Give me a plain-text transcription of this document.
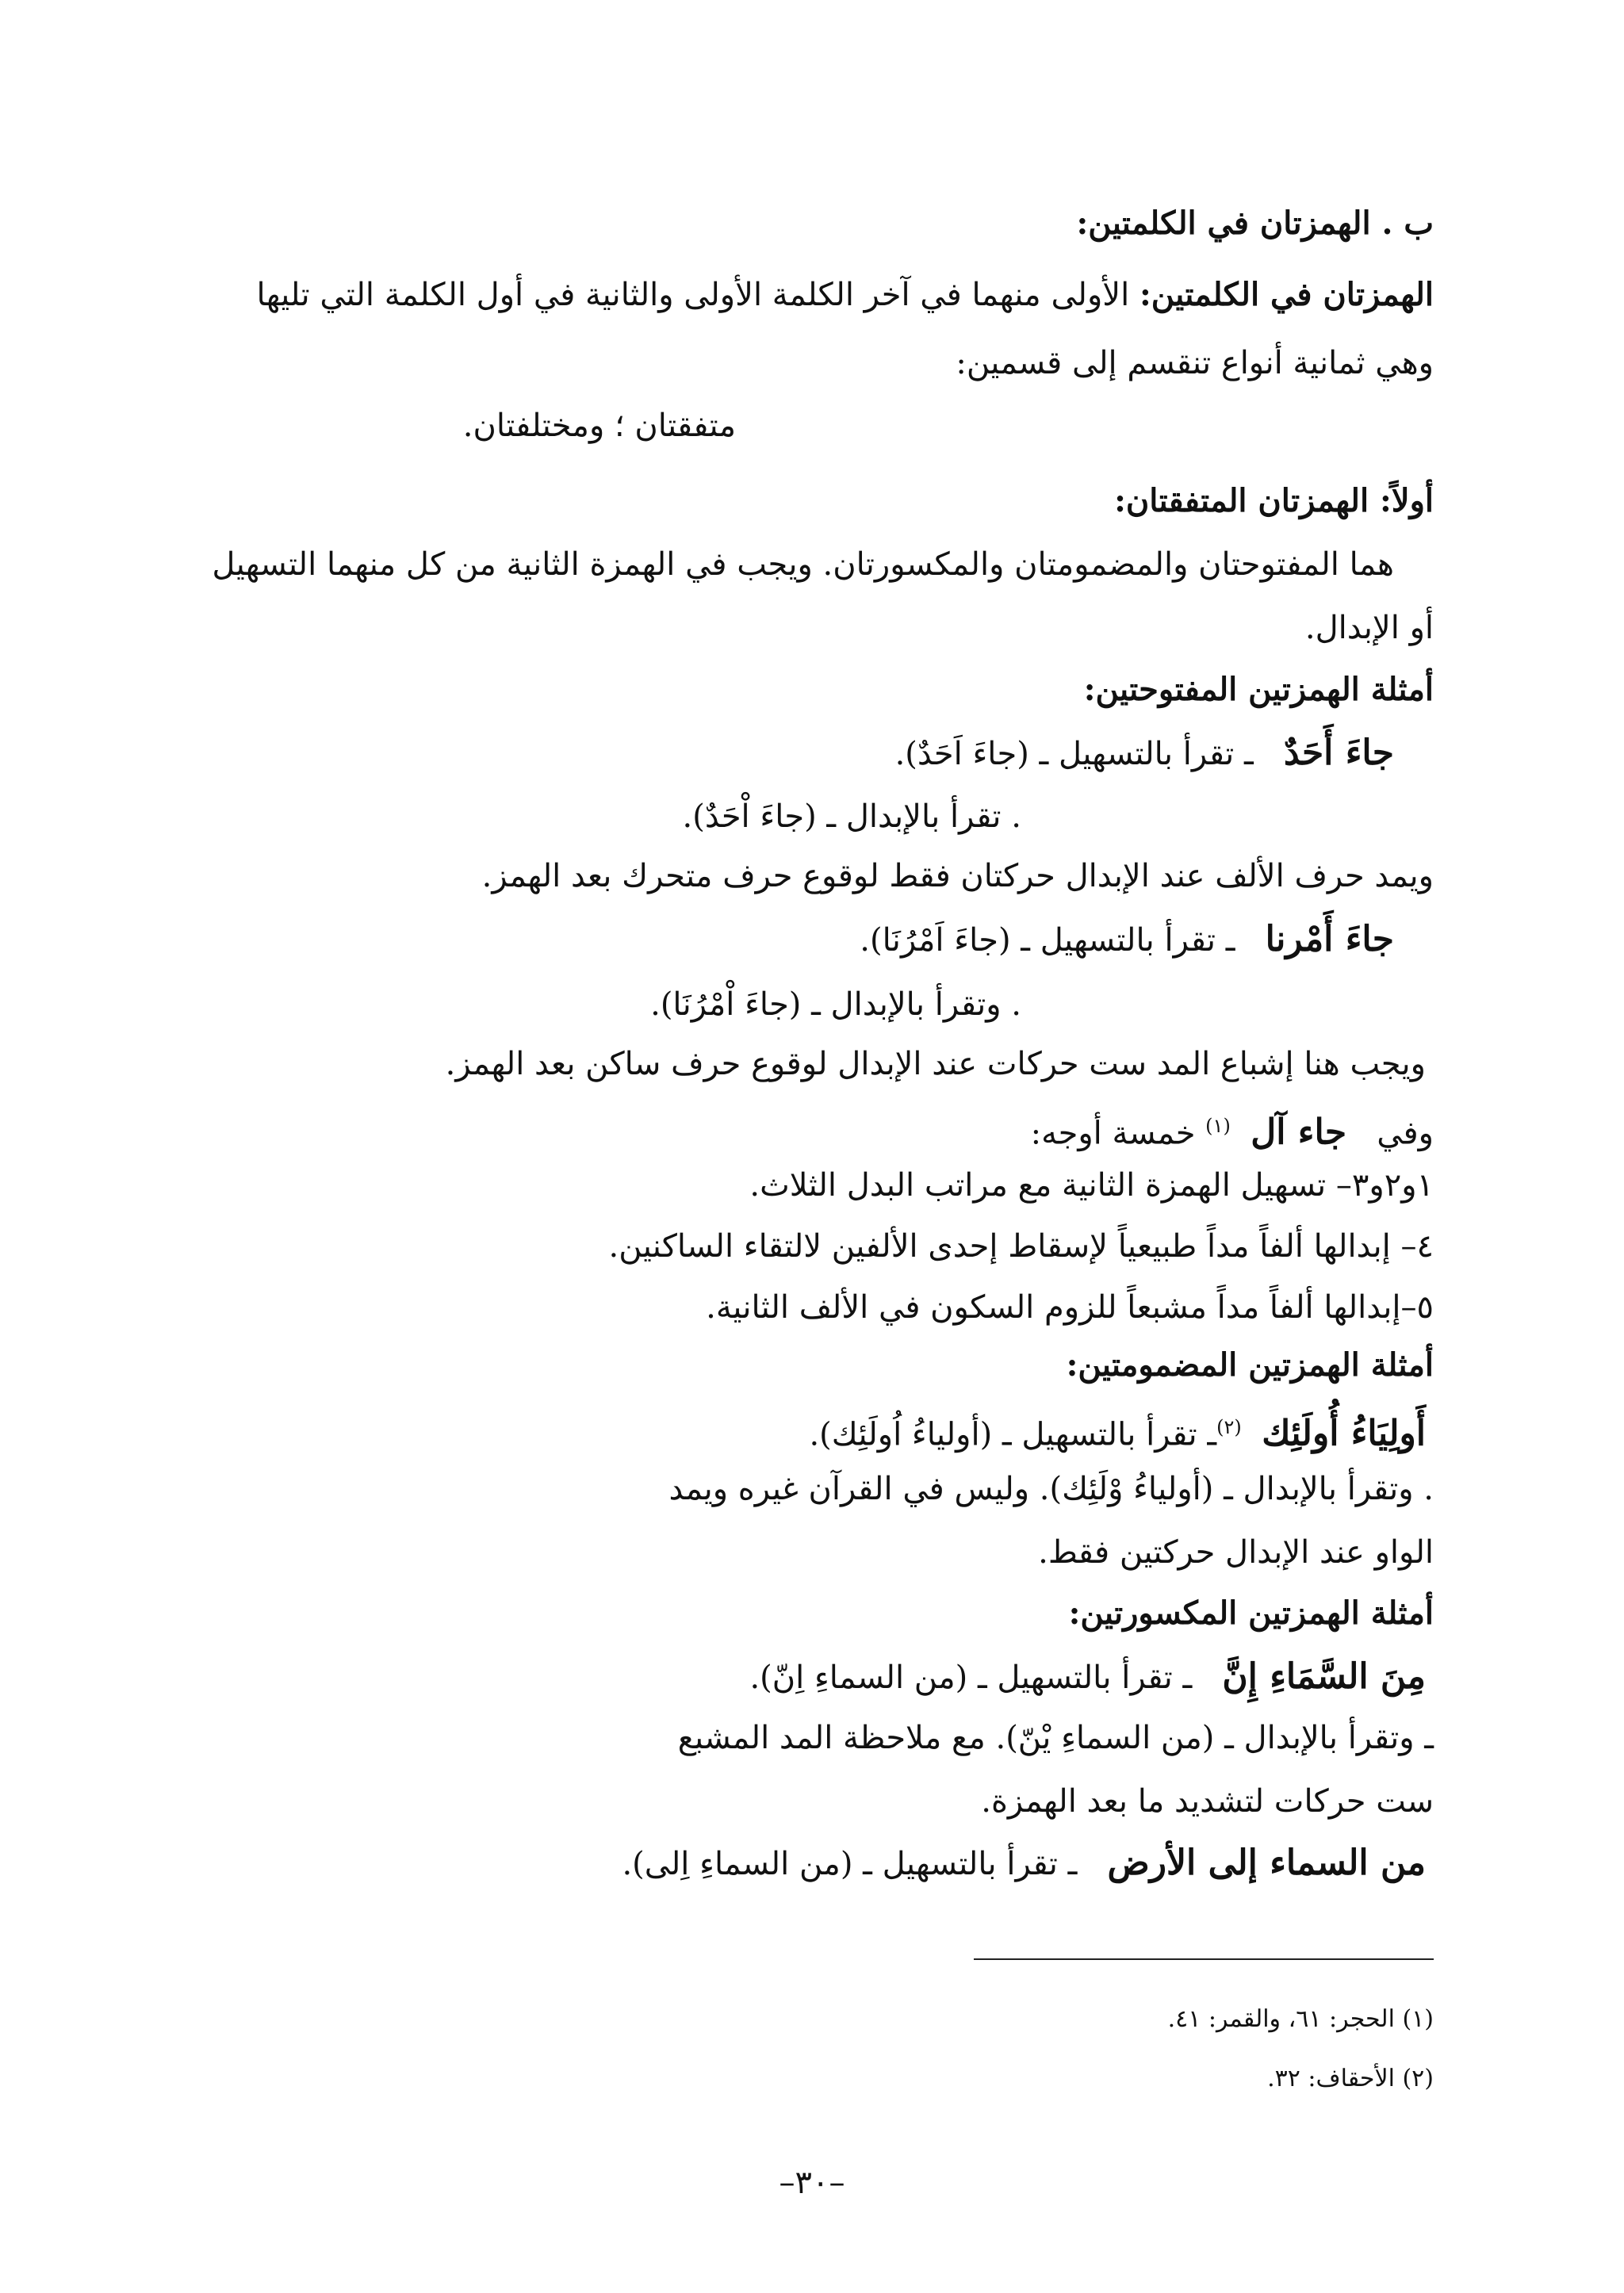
ب . الهمزتان في الكلمتين:
الهمزتان في الكلمتين: الأولى منهما في آخر الكلمة الأولى والثانية في أول الكلمة التي تليها
وهي ثمانية أنواع تنقسم إلى قسمين:
متفقتان ؛ ومختلفتان.
أولاً: الهمزتان المتفقتان:
هما المفتوحتان والمضمومتان والمكسورتان. ويجب في الهمزة الثانية من كل منهما التسهيل
أو الإبدال.
أمثلة الهمزتين المفتوحتين:
جاءَ أَحَدٌ   ـ تقرأ بالتسهيل ـ (جاءَ اَحَدٌ).
. تقرأ بالإبدال ـ (جاءَ اْحَدٌ).
ويمد حرف الألف عند الإبدال حركتان فقط لوقوع حرف متحرك بعد الهمز.
جاءَ أَمْرنا   ـ تقرأ بالتسهيل ـ (جاءَ اَمْرُنَا).
. وتقرأ بالإبدال ـ (جاءَ اْمْرُنَا).
ويجب هنا إشباع المد ست حركات عند الإبدال لوقوع حرف ساكن بعد الهمز.
وفي   جاء آل  $^{(١)}$ خمسة أوجه:
١و٢و٣– تسهيل الهمزة الثانية مع مراتب البدل الثلاث.
٤– إبدالها ألفاً مداً طبيعياً لإسقاط إحدى الألفين لالتقاء الساكنين.
٥–إبدالها ألفاً مداً مشبعاً للزوم السكون في الألف الثانية.
أمثلة الهمزتين المضمومتين:
أَولِيَاءُ أُولَئِك  $^{(٢)}$ـ تقرأ بالتسهيل ـ (أولياءُ اُولَئِك).
. وتقرأ بالإبدال ـ (أولياءُ وْلَئِك). وليس في القرآن غيره ويمد
الواو عند الإبدال حركتين فقط.
أمثلة الهمزتين المكسورتين:
مِنَ السَّمَاءِ إِنَّ   ـ تقرأ بالتسهيل ـ (من السماءِ اِنّ).
ـ وتقرأ بالإبدال ـ (من السماءِ يْنّ). مع ملاحظة المد المشبع
ست حركات لتشديد ما بعد الهمزة.
من السماء إلى الأرض   ـ تقرأ بالتسهيل ـ (من السماءِ اِلى).
(١) الحجر: ٦١، والقمر: ٤١.
(٢) الأحقاف: ٣٢.
–٣٠–
